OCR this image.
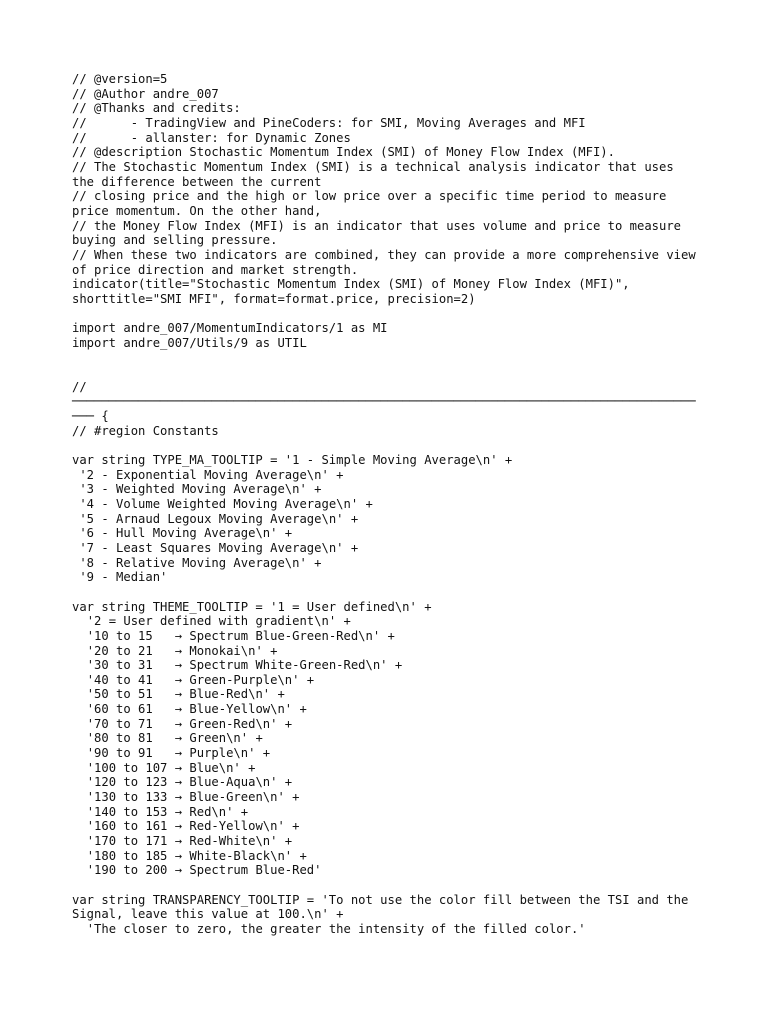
// @version=5
// @Author andre_007
// @Thanks and credits:
//      - TradingView and PineCoders: for SMI, Moving Averages and MFI
//      - allanster: for Dynamic Zones
// @description Stochastic Momentum Index (SMI) of Money Flow Index (MFI).
// The Stochastic Momentum Index (SMI) is a technical analysis indicator that uses the difference between the current
// closing price and the high or low price over a specific time period to measure price momentum. On the other hand,
// the Money Flow Index (MFI) is an indicator that uses volume and price to measure buying and selling pressure.
// When these two indicators are combined, they can provide a more comprehensive view of price direction and market strength.
indicator(title="Stochastic Momentum Index (SMI) of Money Flow Index (MFI)", shorttitle="SMI MFI", format=format.price, precision=2)
import andre_007/MomentumIndicators/1 as MI
import andre_007/Utils/9 as UTIL
// ──────────────────────────────────────────────────────────────────────────────────────── {
// #region Constants
var string TYPE_MA_TOOLTIP = '1 - Simple Moving Average\n' +
'2 - Exponential Moving Average\n' +
'3 - Weighted Moving Average\n' +
'4 - Volume Weighted Moving Average\n' +
'5 - Arnaud Legoux Moving Average\n' +
'6 - Hull Moving Average\n' +
'7 - Least Squares Moving Average\n' +
'8 - Relative Moving Average\n' +
'9 - Median'
var string THEME_TOOLTIP = '1 = User defined\n' +
'2 = User defined with gradient\n' +
'10 to 15   → Spectrum Blue-Green-Red\n' +
'20 to 21   → Monokai\n' +
'30 to 31   → Spectrum White-Green-Red\n' +
'40 to 41   → Green-Purple\n' +
'50 to 51   → Blue-Red\n' +
'60 to 61   → Blue-Yellow\n' +
'70 to 71   → Green-Red\n' +
'80 to 81   → Green\n' +
'90 to 91   → Purple\n' +
'100 to 107 → Blue\n' +
'120 to 123 → Blue-Aqua\n' +
'130 to 133 → Blue-Green\n' +
'140 to 153 → Red\n' +
'160 to 161 → Red-Yellow\n' +
'170 to 171 → Red-White\n' +
'180 to 185 → White-Black\n' +
'190 to 200 → Spectrum Blue-Red'
var string TRANSPARENCY_TOOLTIP = 'To not use the color fill between the TSI and the Signal, leave this value at 100.\n' +
'The closer to zero, the greater the intensity of the filled color.'
